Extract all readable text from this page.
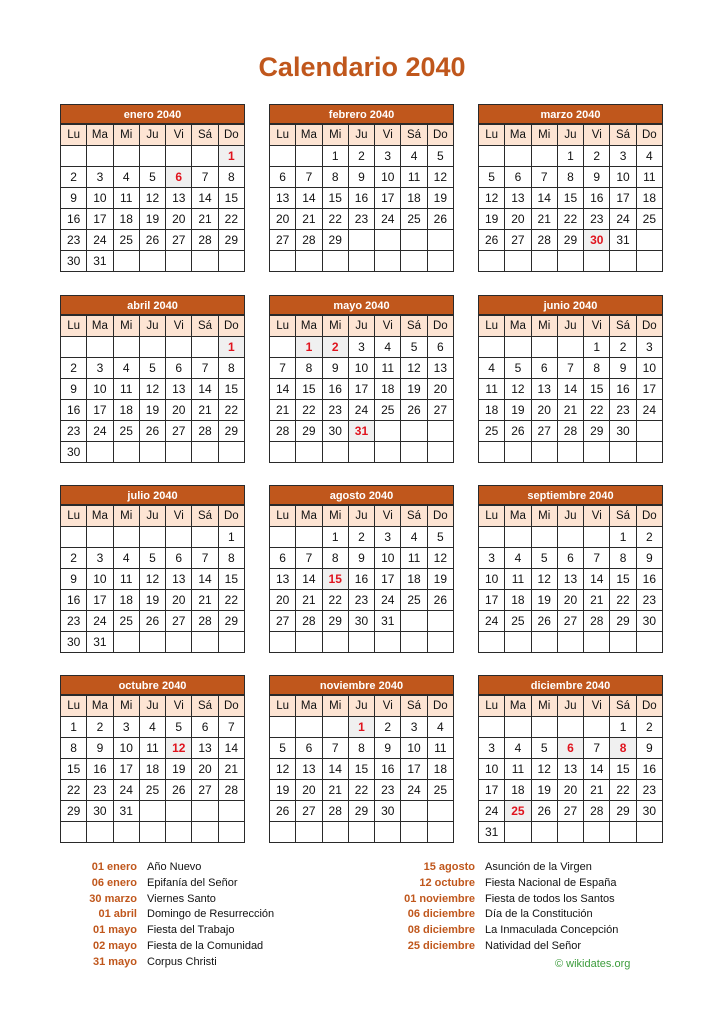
Calendario 2040
enero 2040
Lu	Ma	Mi	Ju	Vi	Sá	Do
						1
2	3	4	5	6	7	8
9	10	11	12	13	14	15
16	17	18	19	20	21	22
23	24	25	26	27	28	29
30	31					
febrero 2040
Lu	Ma	Mi	Ju	Vi	Sá	Do
		1	2	3	4	5
6	7	8	9	10	11	12
13	14	15	16	17	18	19
20	21	22	23	24	25	26
27	28	29				

marzo 2040
Lu	Ma	Mi	Ju	Vi	Sá	Do
			1	2	3	4
5	6	7	8	9	10	11
12	13	14	15	16	17	18
19	20	21	22	23	24	25
26	27	28	29	30	31	

abril 2040
Lu	Ma	Mi	Ju	Vi	Sá	Do
						1
2	3	4	5	6	7	8
9	10	11	12	13	14	15
16	17	18	19	20	21	22
23	24	25	26	27	28	29
30						
mayo 2040
Lu	Ma	Mi	Ju	Vi	Sá	Do
	1	2	3	4	5	6
7	8	9	10	11	12	13
14	15	16	17	18	19	20
21	22	23	24	25	26	27
28	29	30	31			

junio 2040
Lu	Ma	Mi	Ju	Vi	Sá	Do
				1	2	3
4	5	6	7	8	9	10
11	12	13	14	15	16	17
18	19	20	21	22	23	24
25	26	27	28	29	30	

julio 2040
Lu	Ma	Mi	Ju	Vi	Sá	Do
						1
2	3	4	5	6	7	8
9	10	11	12	13	14	15
16	17	18	19	20	21	22
23	24	25	26	27	28	29
30	31					
agosto 2040
Lu	Ma	Mi	Ju	Vi	Sá	Do
		1	2	3	4	5
6	7	8	9	10	11	12
13	14	15	16	17	18	19
20	21	22	23	24	25	26
27	28	29	30	31		

septiembre 2040
Lu	Ma	Mi	Ju	Vi	Sá	Do
					1	2
3	4	5	6	7	8	9
10	11	12	13	14	15	16
17	18	19	20	21	22	23
24	25	26	27	28	29	30

octubre 2040
Lu	Ma	Mi	Ju	Vi	Sá	Do
1	2	3	4	5	6	7
8	9	10	11	12	13	14
15	16	17	18	19	20	21
22	23	24	25	26	27	28
29	30	31				

noviembre 2040
Lu	Ma	Mi	Ju	Vi	Sá	Do
			1	2	3	4
5	6	7	8	9	10	11
12	13	14	15	16	17	18
19	20	21	22	23	24	25
26	27	28	29	30		

diciembre 2040
Lu	Ma	Mi	Ju	Vi	Sá	Do
					1	2
3	4	5	6	7	8	9
10	11	12	13	14	15	16
17	18	19	20	21	22	23
24	25	26	27	28	29	30
31						
01 enero Año Nuevo
06 enero Epifanía del Señor
30 marzo Viernes Santo
01 abril Domingo de Resurrección
01 mayo Fiesta del Trabajo
02 mayo Fiesta de la Comunidad
31 mayo Corpus Christi
15 agosto Asunción de la Virgen
12 octubre Fiesta Nacional de España
01 noviembre Fiesta de todos los Santos
06 diciembre Día de la Constitución
08 diciembre La Inmaculada Concepción
25 diciembre Natividad del Señor
© wikidates.org
